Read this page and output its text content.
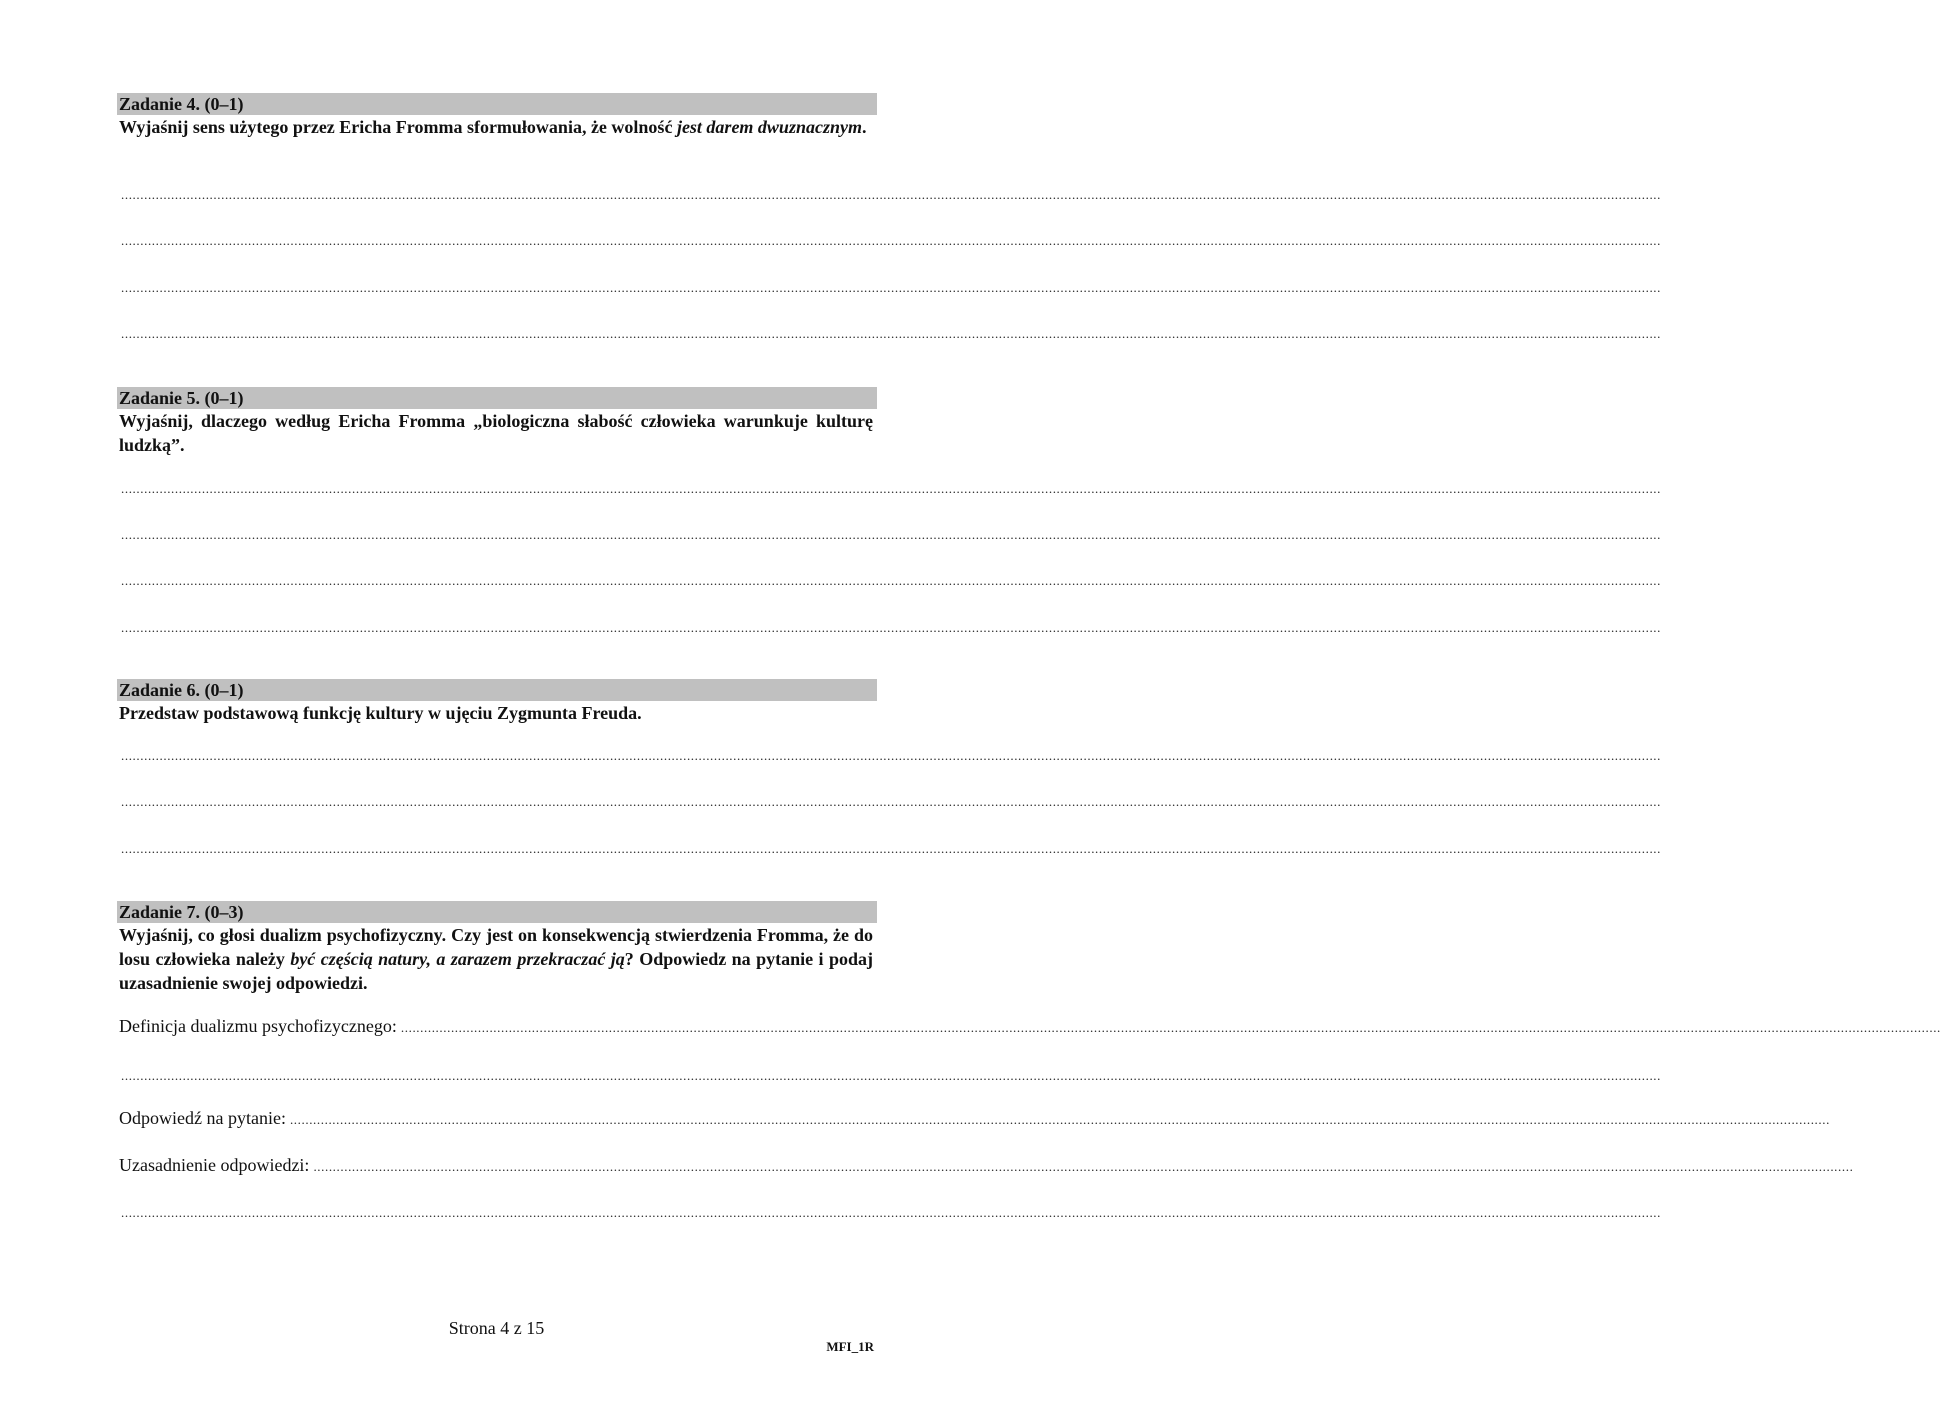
Zadanie 4. (0–1)
Wyjaśnij sens użytego przez Ericha Fromma sformułowania, że wolność jest darem dwuznacznym.
................................................................................................................................................................................................................................................................................................................................................................................................................
................................................................................................................................................................................................................................................................................................................................................................................................................
................................................................................................................................................................................................................................................................................................................................................................................................................
................................................................................................................................................................................................................................................................................................................................................................................................................
Zadanie 5. (0–1)
Wyjaśnij, dlaczego według Ericha Fromma „biologiczna słabość człowieka warunkuje kulturę ludzką”.
................................................................................................................................................................................................................................................................................................................................................................................................................
................................................................................................................................................................................................................................................................................................................................................................................................................
................................................................................................................................................................................................................................................................................................................................................................................................................
................................................................................................................................................................................................................................................................................................................................................................................................................
Zadanie 6. (0–1)
Przedstaw podstawową funkcję kultury w ujęciu Zygmunta Freuda.
................................................................................................................................................................................................................................................................................................................................................................................................................
................................................................................................................................................................................................................................................................................................................................................................................................................
................................................................................................................................................................................................................................................................................................................................................................................................................
Zadanie 7. (0–3)
Wyjaśnij, co głosi dualizm psychofizyczny. Czy jest on konsekwencją stwierdzenia Fromma, że do losu człowieka należy być częścią natury, a zarazem przekraczać ją? Odpowiedz na pytanie i podaj uzasadnienie swojej odpowiedzi.
Definicja dualizmu psychofizycznego: ................................................................................................................................................................................................................................................................................................................................................................................................................
................................................................................................................................................................................................................................................................................................................................................................................................................
Odpowiedź na pytanie: ................................................................................................................................................................................................................................................................................................................................................................................................................
Uzasadnienie odpowiedzi: ................................................................................................................................................................................................................................................................................................................................................................................................................
................................................................................................................................................................................................................................................................................................................................................................................................................
Strona 4 z 15
MFI_1R
